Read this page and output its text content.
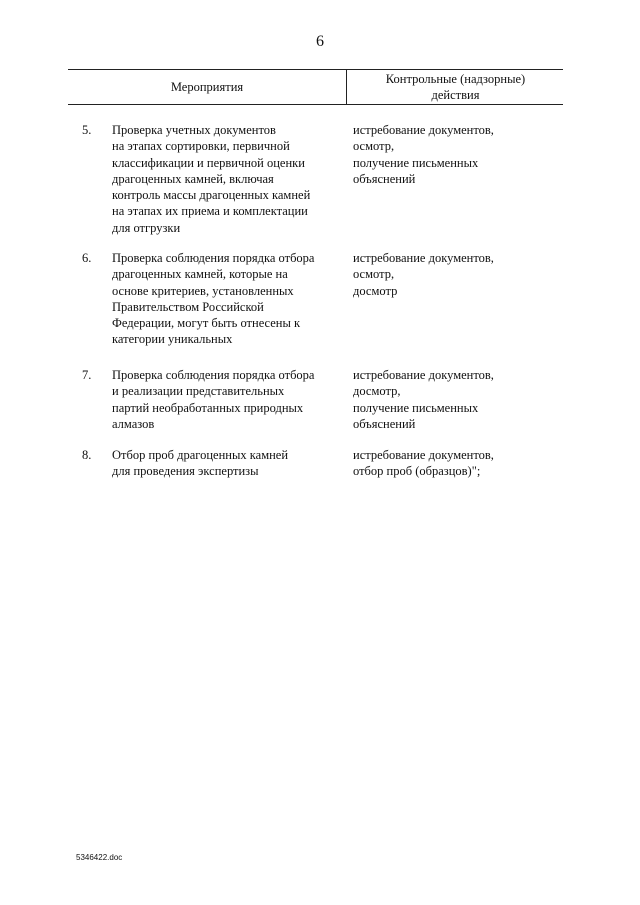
6
Мероприятия
Контрольные (надзорные)
действия
5. Проверка учетных документов
на этапах сортировки, первичной
классификации и первичной оценки
драгоценных камней, включая
контроль массы драгоценных камней
на этапах их приема и комплектации
для отгрузки
истребование документов,
осмотр,
получение письменных
объяснений
6. Проверка соблюдения порядка отбора
драгоценных камней, которые на
основе критериев, установленных
Правительством Российской
Федерации, могут быть отнесены к
категории уникальных
истребование документов,
осмотр,
досмотр
7. Проверка соблюдения порядка отбора
и реализации представительных
партий необработанных природных
алмазов
истребование документов,
досмотр,
получение письменных
объяснений
8. Отбор проб драгоценных камней
для проведения экспертизы
истребование документов,
отбор проб (образцов)";
5346422.doc
